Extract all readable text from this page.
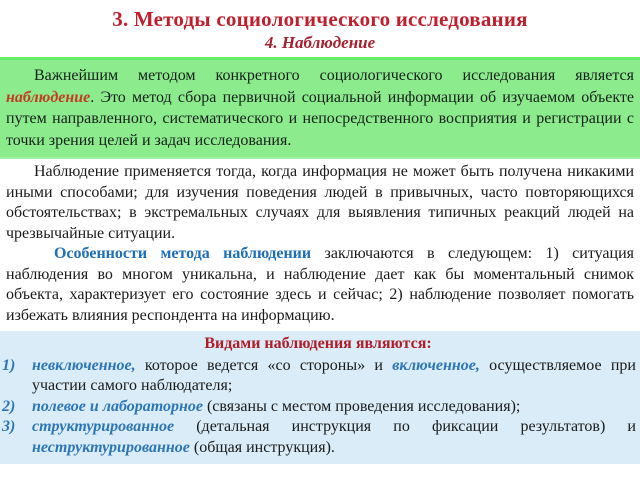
3. Методы социологического исследования
4. Наблюдение
Важнейшим методом конкретного социологического исследования является наблюдение. Это метод сбора первичной социальной информации об изучаемом объекте путем направленного, систематического и непосредственного восприятия и регистрации с точки зрения целей и задач исследования.

Наблюдение применяется тогда, когда информация не может быть получена никакими иными способами; для изучения поведения людей в привычных, часто повторяющихся обстоятельствах; в экстремальных случаях для выявления типичных реакций людей на чрезвычайные ситуации.

Особенности метода наблюдении заключаются в следующем: 1) ситуация наблюдения во многом уникальна, и наблюдение дает как бы моментальный снимок объекта, характеризует его состояние здесь и сейчас; 2) наблюдение позволяет помогать избежать влияния респондента на информацию.

Видами наблюдения являются:
1)	невключенное, которое ведется «со стороны» и включенное, осуществляемое при участии самого наблюдателя;
2)	полевое и лабораторное (связаны с местом проведения исследования);
3)	структурированное (детальная инструкция по фиксации результатов) и неструктурированное (общая инструкция).
